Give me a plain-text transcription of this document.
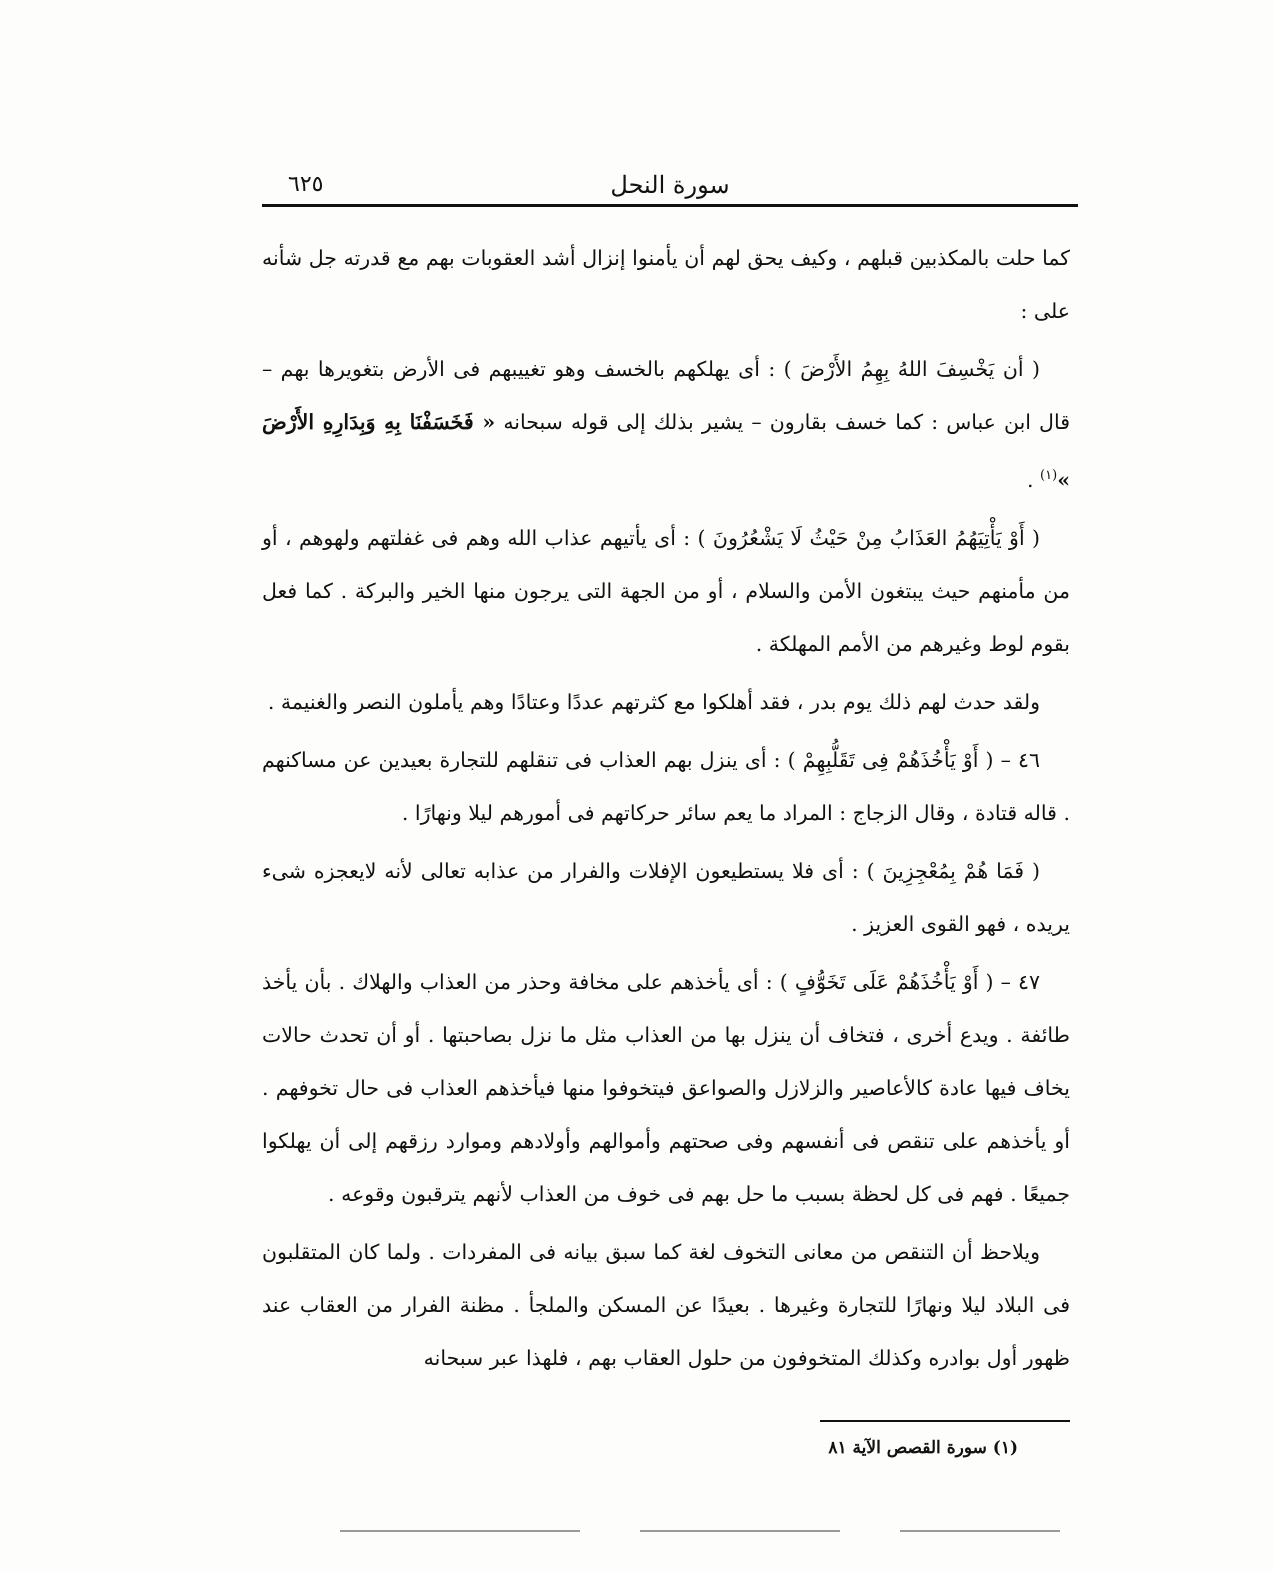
سورة النحل
٦٢٥

كما حلت بالمكذبين قبلهم ، وكيف يحق لهم أن يأمنوا إنزال أشد العقوبات بهم مع قدرته جل شأنه على :

( أن يَخْسِفَ اللهُ بِهِمُ الأَرْضَ ) : أى يهلكهم بالخسف وهو تغييبهم فى الأرض بتغويرها بهم – قال ابن عباس : كما خسف بقارون – يشير بذلك إلى قوله سبحانه « فَخَسَفْنَا بِهِ وَبِدَارِهِ الأَرْضَ »$^{(١)}$ .

( أَوْ يَأْتِيَهُمُ العَذَابُ مِنْ حَيْثُ لَا يَشْعُرُونَ ) : أى يأتيهم عذاب الله وهم فى غفلتهم ولهوهم ، أو من مأمنهم حيث يبتغون الأمن والسلام ، أو من الجهة التى يرجون منها الخير والبركة . كما فعل بقوم لوط وغيرهم من الأمم المهلكة .

ولقد حدث لهم ذلك يوم بدر ، فقد أهلكوا مع كثرتهم عددًا وعتادًا وهم يأملون النصر والغنيمة .

٤٦ – ( أَوْ يَأْخُذَهُمْ فِى تَقَلُّبِهِمْ ) : أى ينزل بهم العذاب فى تنقلهم للتجارة بعيدين عن مساكنهم . قاله قتادة ، وقال الزجاج : المراد ما يعم سائر حركاتهم فى أمورهم ليلا ونهارًا .

( فَمَا هُمْ بِمُعْجِزِينَ ) : أى فلا يستطيعون الإفلات والفرار من عذابه تعالى لأنه لايعجزه شىء يريده ، فهو القوى العزيز .

٤٧ – ( أَوْ يَأْخُذَهُمْ عَلَى تَخَوُّفٍ ) : أى يأخذهم على مخافة وحذر من العذاب والهلاك . بأن يأخذ طائفة . ويدع أخرى ، فتخاف أن ينزل بها من العذاب مثل ما نزل بصاحبتها . أو أن تحدث حالات يخاف فيها عادة كالأعاصير والزلازل والصواعق فيتخوفوا منها فيأخذهم العذاب فى حال تخوفهم . أو يأخذهم على تنقص فى أنفسهم وفى صحتهم وأموالهم وأولادهم وموارد رزقهم إلى أن يهلكوا جميعًا . فهم فى كل لحظة بسبب ما حل بهم فى خوف من العذاب لأنهم يترقبون وقوعه .

ويلاحظ أن التنقص من معانى التخوف لغة كما سبق بيانه فى المفردات . ولما كان المتقلبون فى البلاد ليلا ونهارًا للتجارة وغيرها . بعيدًا عن المسكن والملجأ . مظنة الفرار من العقاب عند ظهور أول بوادره وكذلك المتخوفون من حلول العقاب بهم ، فلهذا عبر سبحانه

(١) سورة القصص الآية ٨١
